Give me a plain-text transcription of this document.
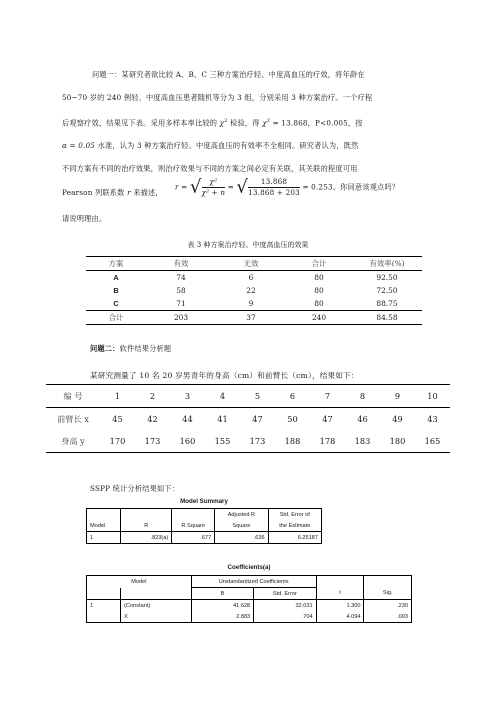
问题一：某研究者欲比较 A、B、C 三种方案治疗轻、中度高血压的疗效，将年龄在
50~70 岁的 240 例轻、中度高血压患者随机等分为 3 组，分别采用 3 种方案治疗。一个疗程
后观察疗效，结果见下表。采用多样本率比较的 $\chi^2$ 检验，得 $\chi^2 = 13.868$，P<0.005，按
α = 0.05 水准，认为 3 种方案治疗轻、中度高血压的有效率不全相同。研究者认为，既然
不同方案有不同的治疗效果，则治疗效果与不同的方案之间必定有关联，其关联的程度可用
Pearson 列联系数 r 来描述，
r = √ $\frac{\text{χ²}}{\text{χ² + n}}$ = √ $\frac{13.868}{13.868 + 203} = 0.253$。你同意该观点吗？
请说明理由。
表 3 种方案治疗轻、中度高血压的效果
方案	有效	无效	合计	有效率(%)
A	74	6	80	92.50
B	58	22	80	72.50
C	71	9	80	88.75
合计	203	37	240	84.58
问题二：软件结果分析题
某研究测量了 10 名 20 岁男青年的身高（cm）和前臂长（cm），结果如下：
编 号	1	2	3	4	5	6	7	8	9	10
前臂长 x	45	42	44	41	47	50	47	46	49	43
身高 y	170	173	160	155	173	188	178	183	180	165
SSPP 统计分析结果如下：
Model Summary
			Adjusted R	Std. Error of
Model	R	R Square	Square	the Estimate
1	.823(a)	.677	.636	6.25187
Coefficients(a)
Model		Unstandardized Coefficients			
		B	Std. Error	t	Sig.
1	(Constant)	41.628	32.031	1.300	.230
	X	2.883	.704	4.094	.003
